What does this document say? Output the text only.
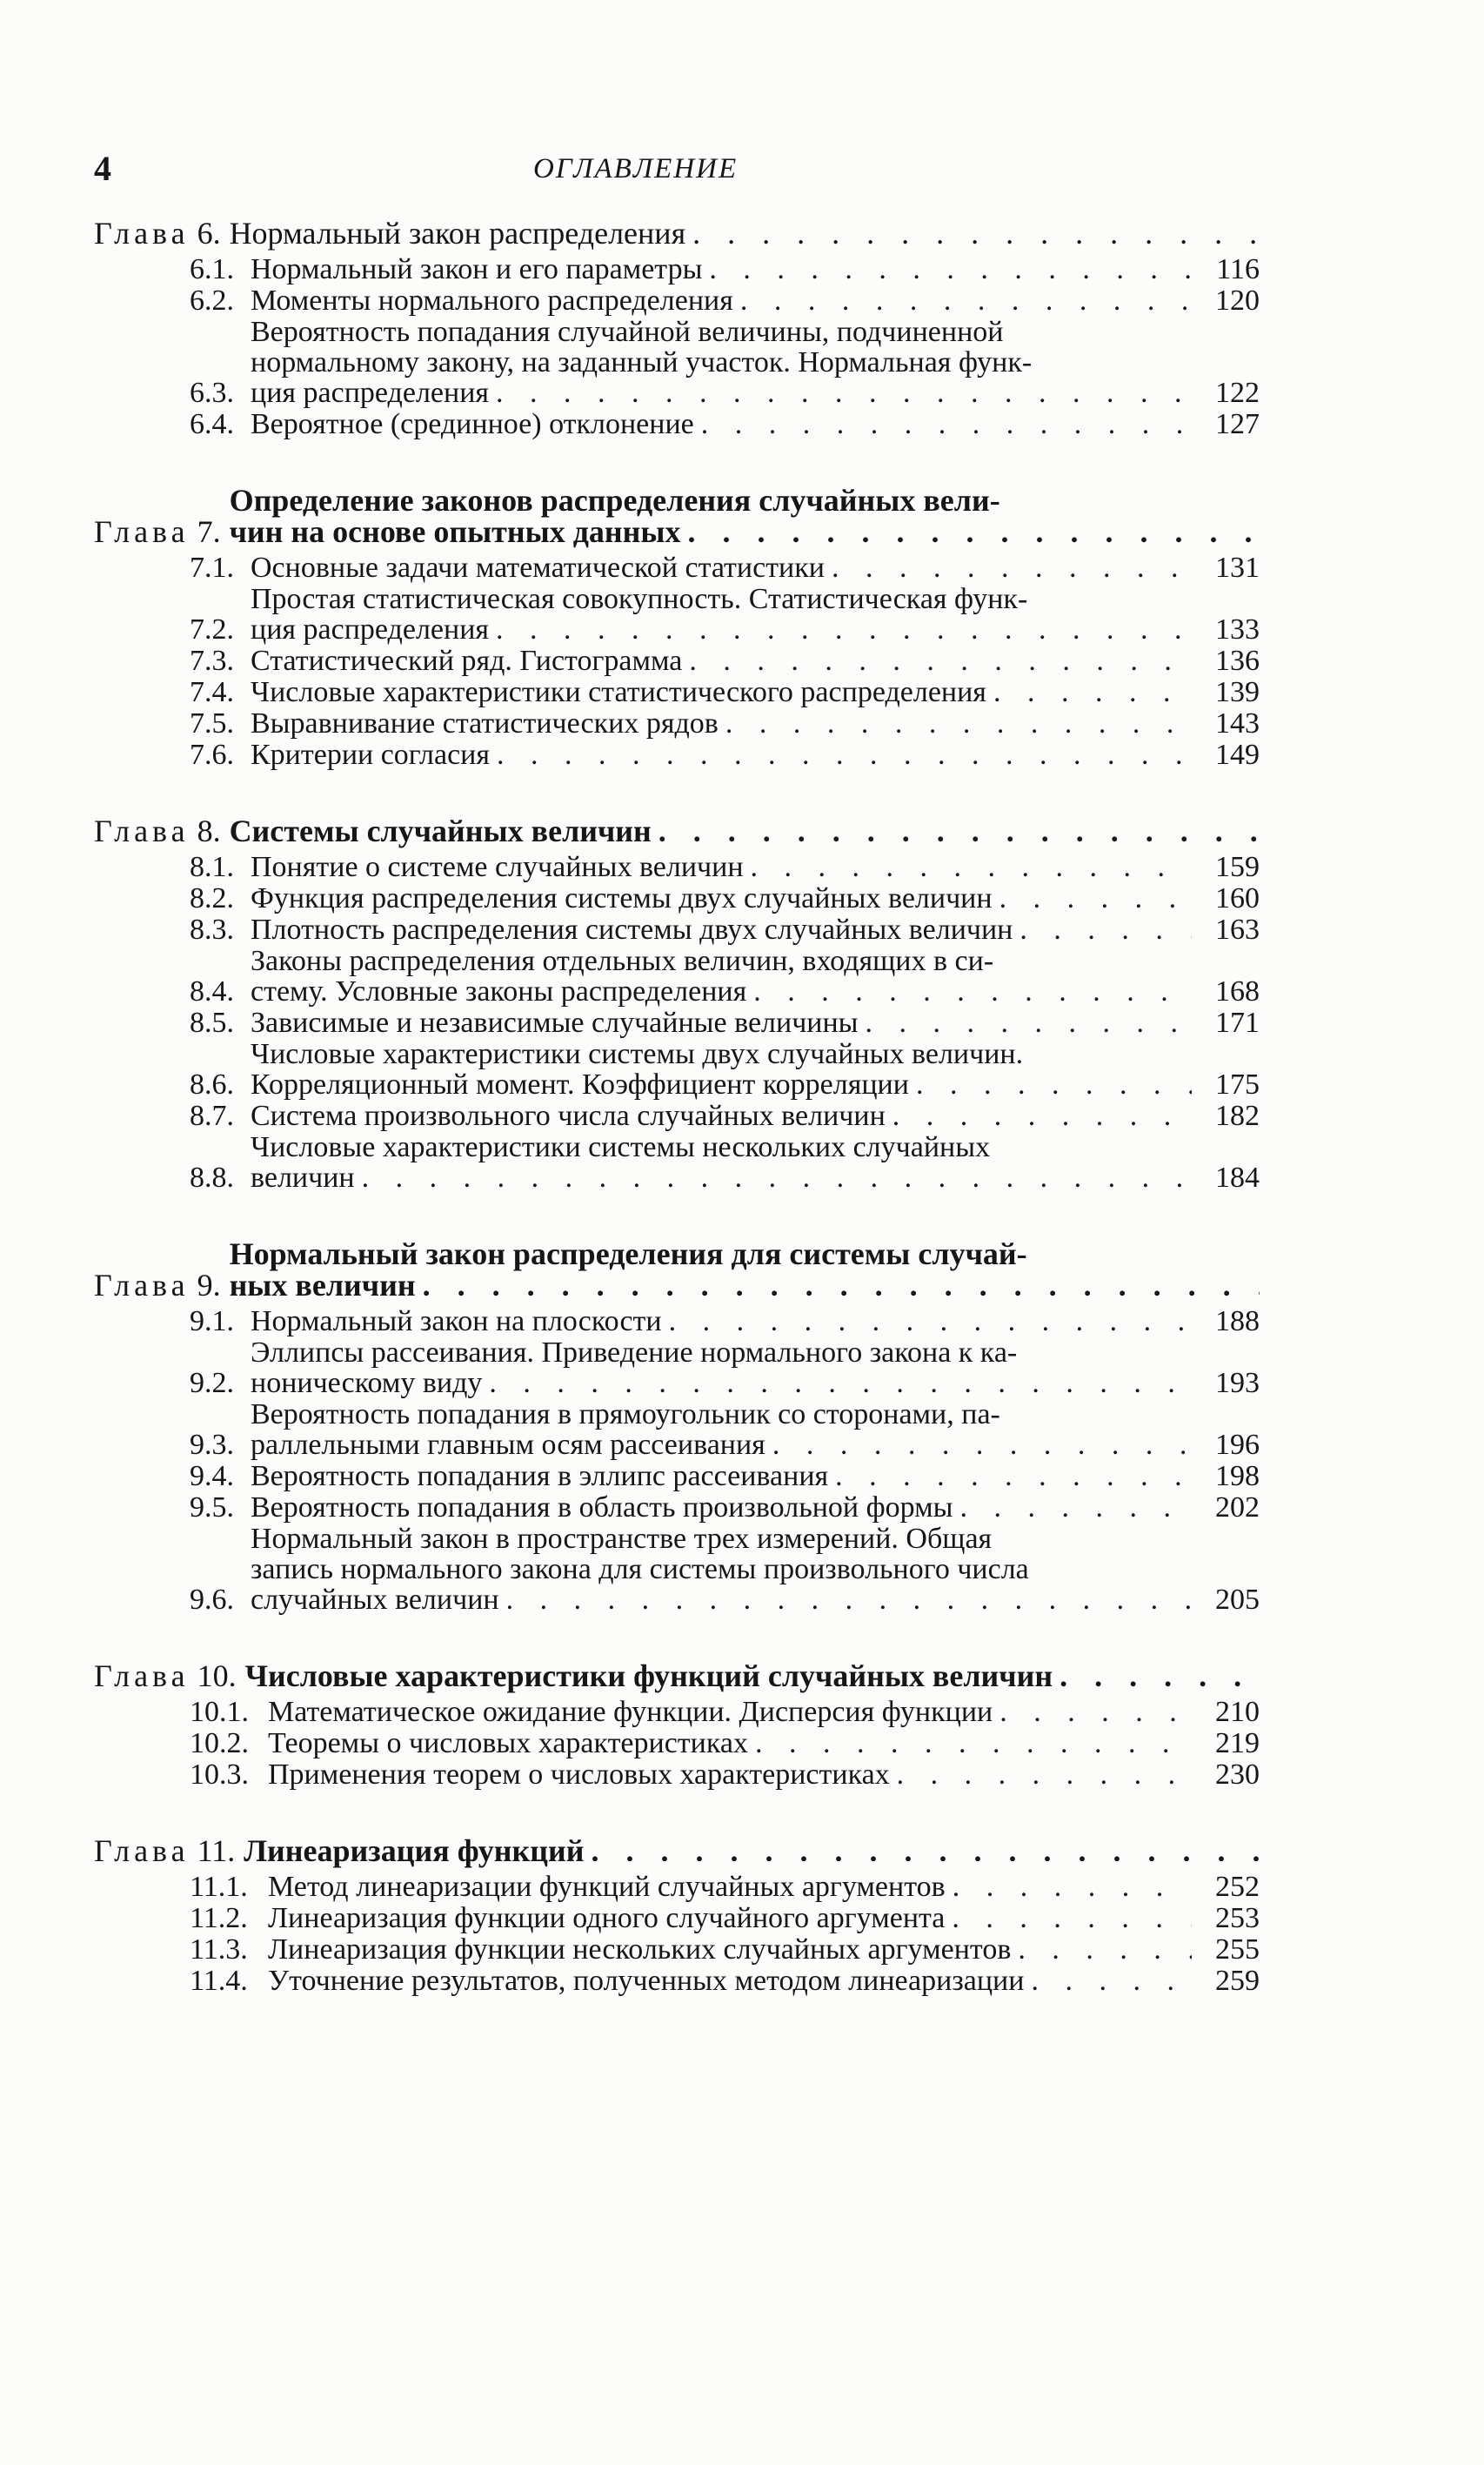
4	ОГЛАВЛЕНИЕ
Глава 6. Нормальный закон распределения
. . .
6.1. Нормальный закон и его параметры . . .	116
6.2. Моменты нормального распределения . . .	120
6.3.
Вероятность попадания случайной величины, подчиненной
нормальному закону, на заданный участок. Нормальная функ-
ция распределения . . .	122
6.4. Вероятное (срединное) отклонение . . .	127
Глава 7.
Определение законов распределения случайных вели-
чин на основе опытных данных
. . .
7.1. Основные задачи математической статистики . . .	131
7.2.
Простая статистическая совокупность. Статистическая функ-
ция распределения . . .	133
7.3. Статистический ряд. Гистограмма . . .	136
7.4. Числовые характеристики статистического распределения . . .	139
7.5. Выравнивание статистических рядов . . .	143
7.6. Критерии согласия . . .	149
Глава 8. Системы случайных величин
. . .
8.1. Понятие о системе случайных величин . . .	159
8.2. Функция распределения системы двух случайных величин . . .	160
8.3. Плотность распределения системы двух случайных величин . . .	163
8.4.
Законы распределения отдельных величин, входящих в си-
стему. Условные законы распределения . . .	168
8.5. Зависимые и независимые случайные величины . . .	171
8.6.
Числовые характеристики системы двух случайных величин.
Корреляционный момент. Коэффициент корреляции . . .	175
8.7. Система произвольного числа случайных величин . . .	182
8.8.
Числовые характеристики системы нескольких случайных
величин . . .	184
Глава 9.
Нормальный закон распределения для системы случай-
ных величин
. . .
9.1. Нормальный закон на плоскости . . .	188
9.2.
Эллипсы рассеивания. Приведение нормального закона к ка-
ноническому виду . . .	193
9.3.
Вероятность попадания в прямоугольник со сторонами, па-
раллельными главным осям рассеивания . . .	196
9.4. Вероятность попадания в эллипс рассеивания . . .	198
9.5. Вероятность попадания в область произвольной формы . . .	202
9.6.
Нормальный закон в пространстве трех измерений. Общая
запись нормального закона для системы произвольного числа
случайных величин . . .	205
Глава 10. Числовые характеристики функций случайных величин
. . .
10.1. Математическое ожидание функции. Дисперсия функции . . .	210
10.2. Теоремы о числовых характеристиках . . .	219
10.3. Применения теорем о числовых характеристиках . . .	230
Глава 11. Линеаризация функций
. . .
11.1. Метод линеаризации функций случайных аргументов . . .	252
11.2. Линеаризация функции одного случайного аргумента . . .	253
11.3. Линеаризация функции нескольких случайных аргументов . . .	255
11.4. Уточнение результатов, полученных методом линеаризации . . .	259
